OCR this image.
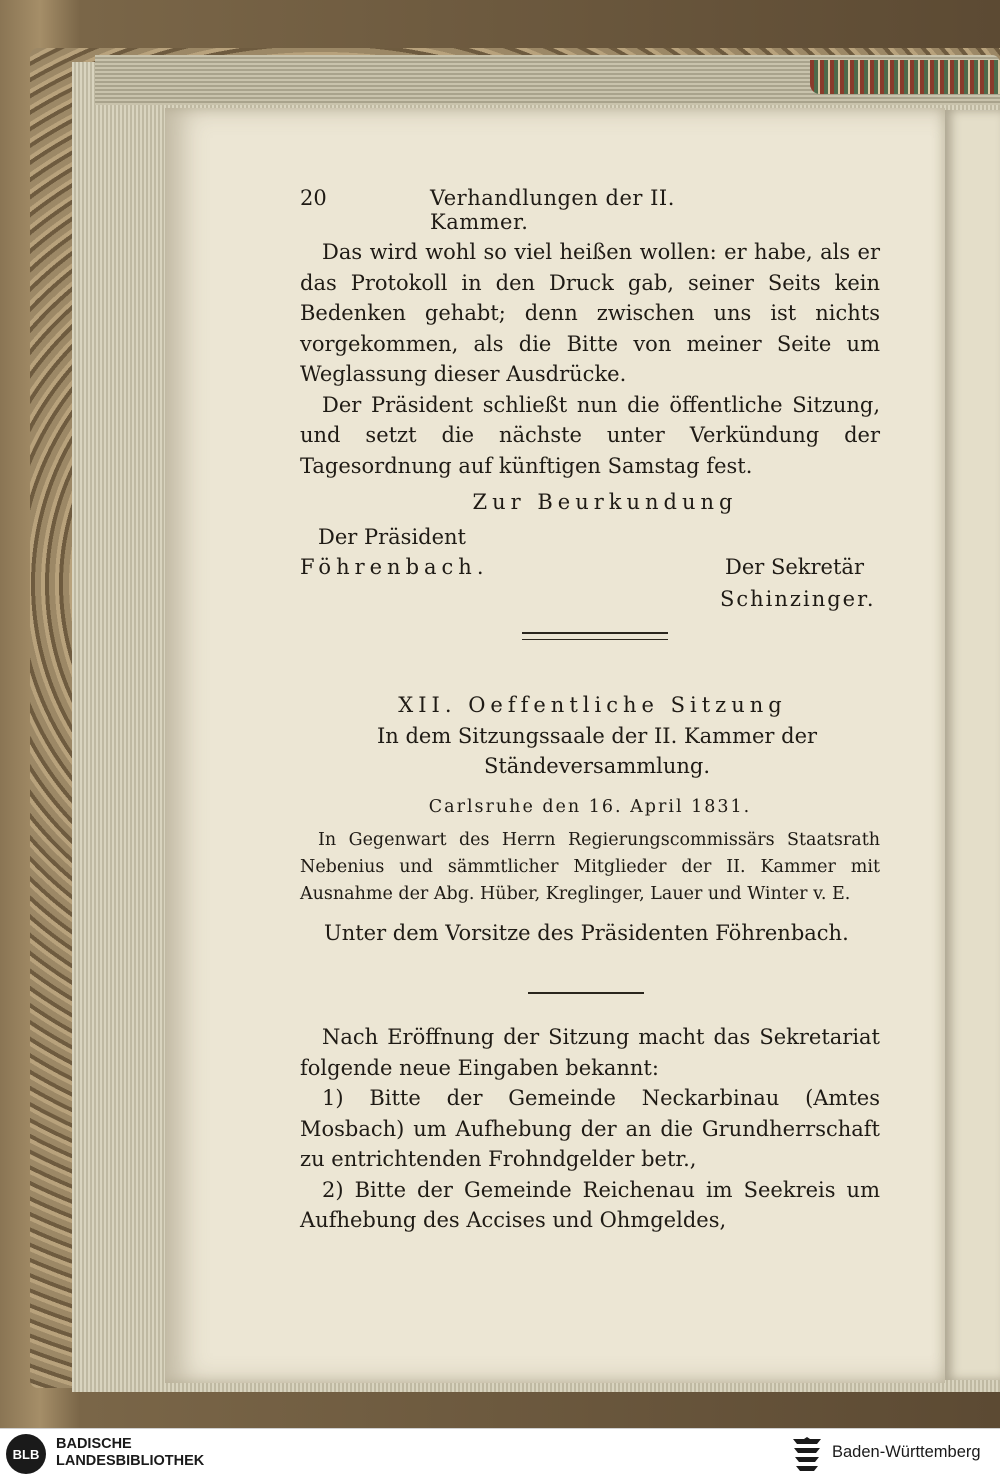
20	Verhandlungen der II. Kammer.

Das wird wohl so viel heißen wollen: er habe, als er das Protokoll in den Druck gab, seiner Seits kein Bedenken gehabt; denn zwischen uns ist nichts vorgekommen, als die Bitte von meiner Seite um Weglassung dieser Ausdrücke.

Der Präsident schließt nun die öffentliche Sitzung, und setzt die nächste unter Verkündung der Tagesordnung auf künftigen Samstag fest.

Zur Beurkundung
Der Präsident
Föhrenbach.	Der Sekretär
Schinzinger.
XII. Oeffentliche Sitzung

In dem Sitzungssaale der II. Kammer der Ständeversammlung.

Carlsruhe den 16. April 1831.

In Gegenwart des Herrn Regierungscommissärs Staatsrath Nebenius und sämmtlicher Mitglieder der II. Kammer mit Ausnahme der Abg. Hüber, Kreglinger, Lauer und Winter v. E.

Unter dem Vorsitze des Präsidenten Föhrenbach.

Nach Eröffnung der Sitzung macht das Sekretariat folgende neue Eingaben bekannt:

1) Bitte der Gemeinde Neckarbinau (Amtes Mosbach) um Aufhebung der an die Grundherrschaft zu entrichtenden Frohndgelder betr.,

2) Bitte der Gemeinde Reichenau im Seekreis um Aufhebung des Accises und Ohmgeldes,

BLB
BADISCHE
LANDESBIBLIOTHEK	Baden-Württemberg
